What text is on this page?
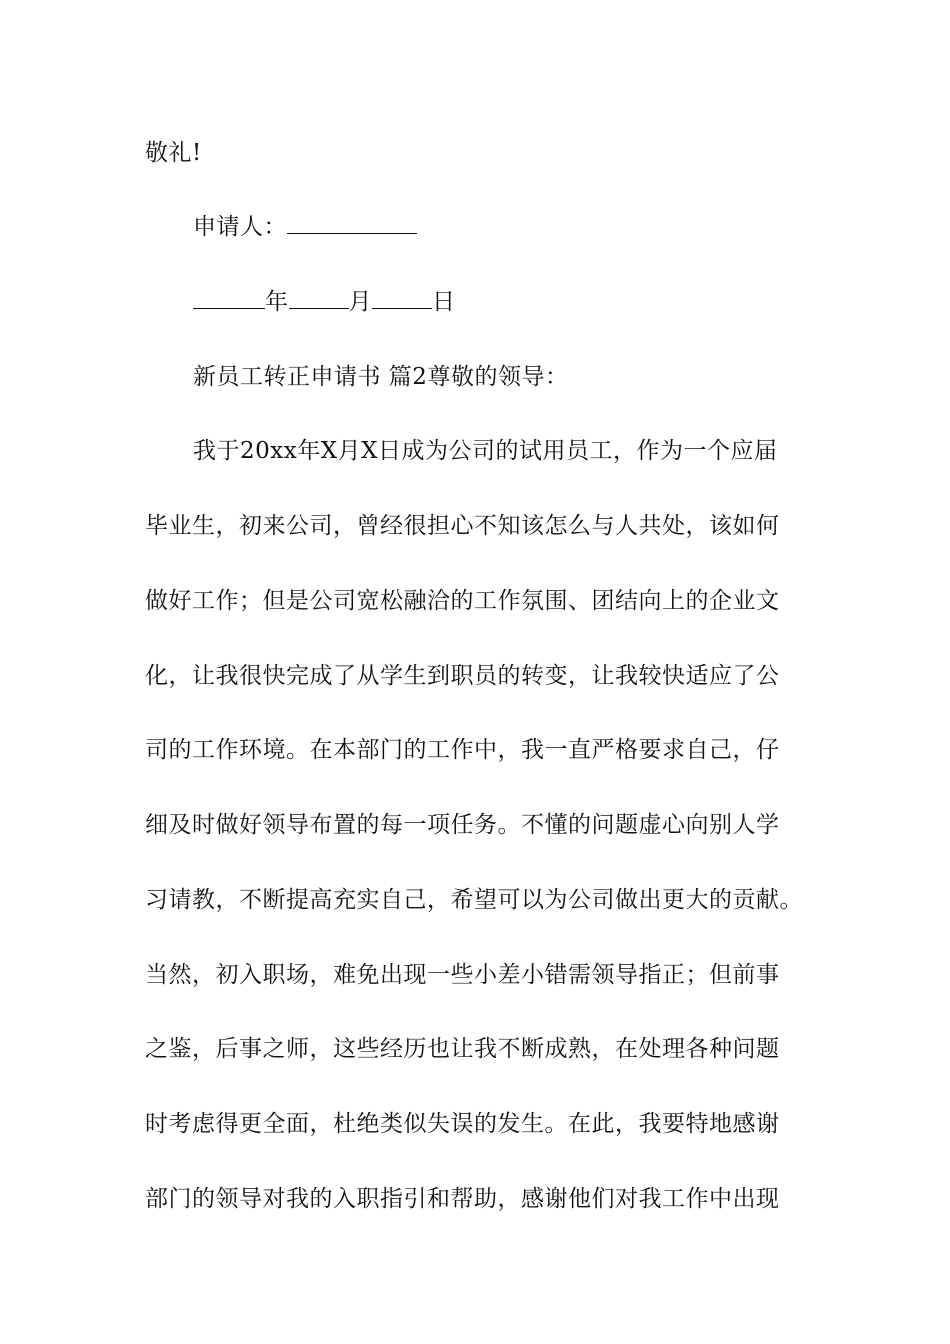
敬礼!
申请人：
年	月	日
新员工转正申请书 篇2尊敬的领导：
我于20xx年X月X日成为公司的试用员工，作为一个应届
毕业生，初来公司，曾经很担心不知该怎么与人共处，该如何
做好工作；但是公司宽松融洽的工作氛围、团结向上的企业文
化，让我很快完成了从学生到职员的转变，让我较快适应了公
司的工作环境。在本部门的工作中，我一直严格要求自己，仔
细及时做好领导布置的每一项任务。不懂的问题虚心向别人学
习请教，不断提高充实自己，希望可以为公司做出更大的贡献。
当然，初入职场，难免出现一些小差小错需领导指正；但前事
之鉴，后事之师，这些经历也让我不断成熟，在处理各种问题
时考虑得更全面，杜绝类似失误的发生。在此，我要特地感谢
部门的领导对我的入职指引和帮助，感谢他们对我工作中出现
